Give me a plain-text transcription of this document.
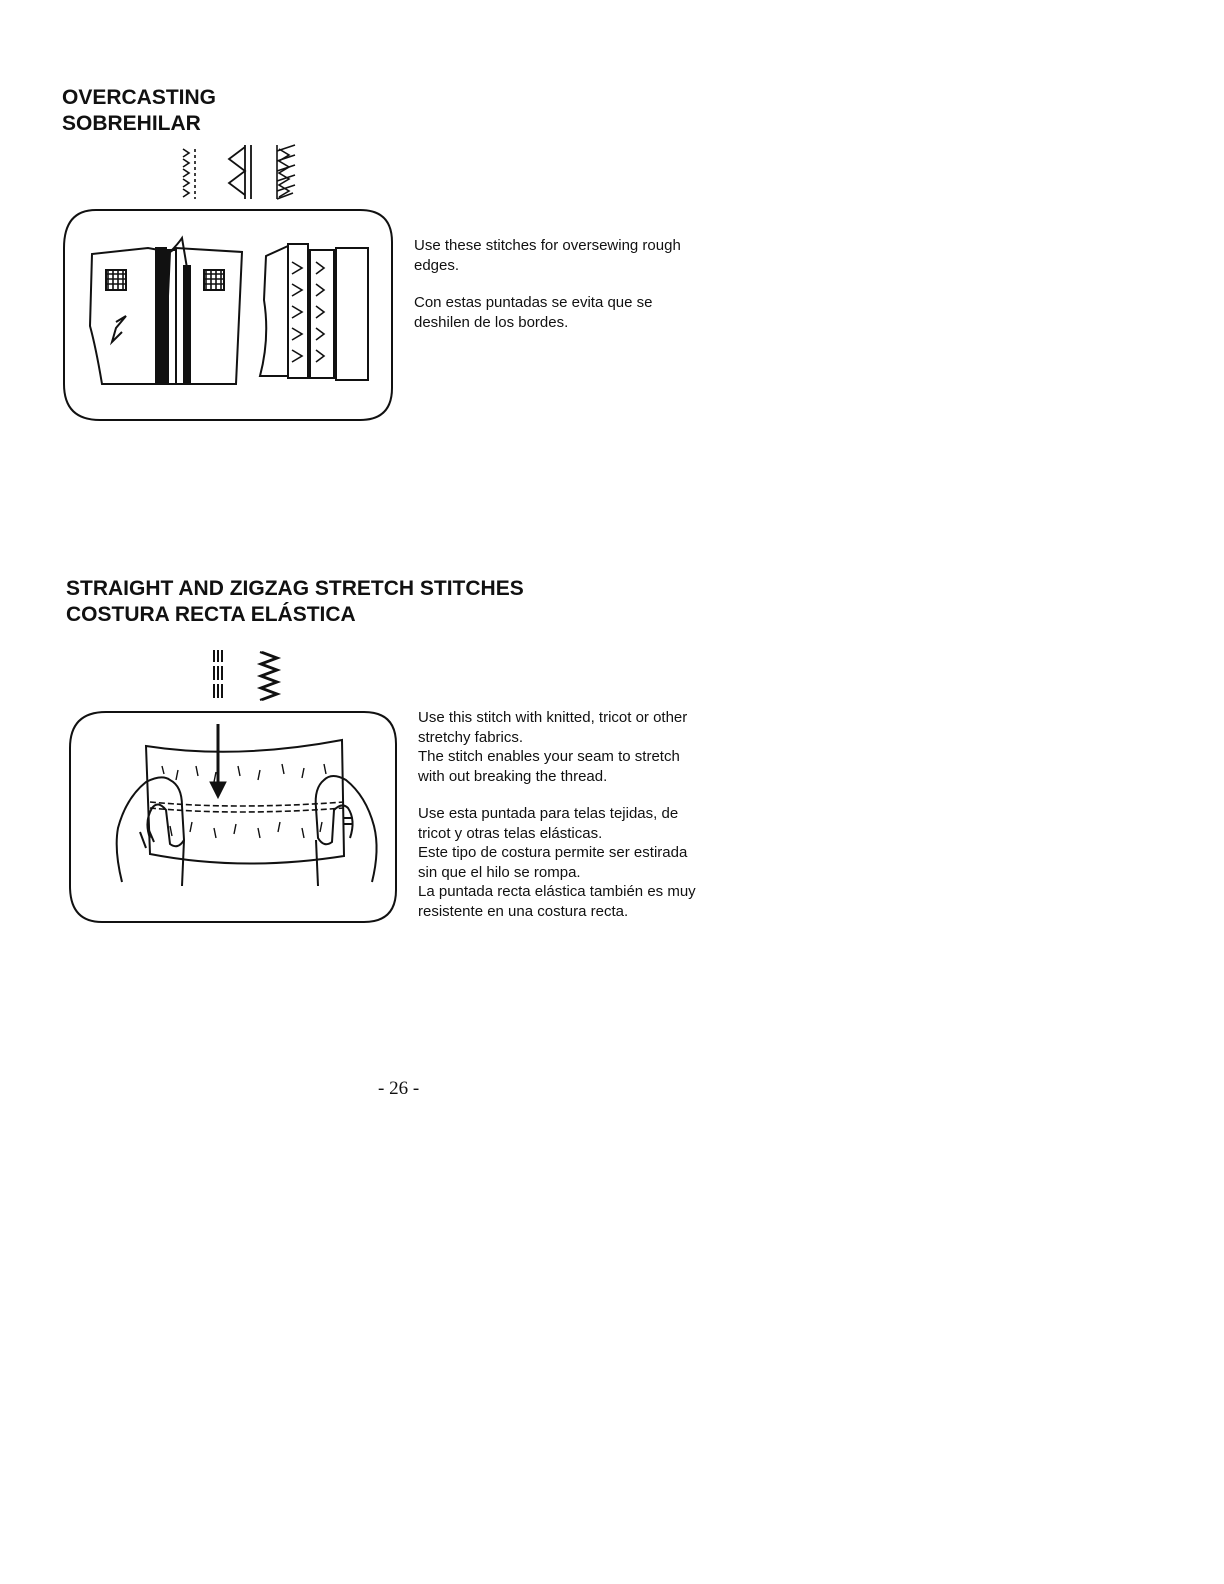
OVERCASTING
SOBREHILAR

Use these stitches for oversewing rough
edges.

Con estas puntadas se evita que se
deshilen de los bordes.

STRAIGHT AND ZIGZAG STRETCH STITCHES
COSTURA RECTA ELÁSTICA

Use this stitch with knitted, tricot or other
stretchy fabrics.
The stitch enables your seam to stretch
with out breaking the thread.

Use esta puntada para telas tejidas, de
tricot y otras telas elásticas.
Este tipo de costura permite ser estirada
sin que el hilo se rompa.
La puntada recta elástica también es muy
resistente en una costura recta.

- 26 -
